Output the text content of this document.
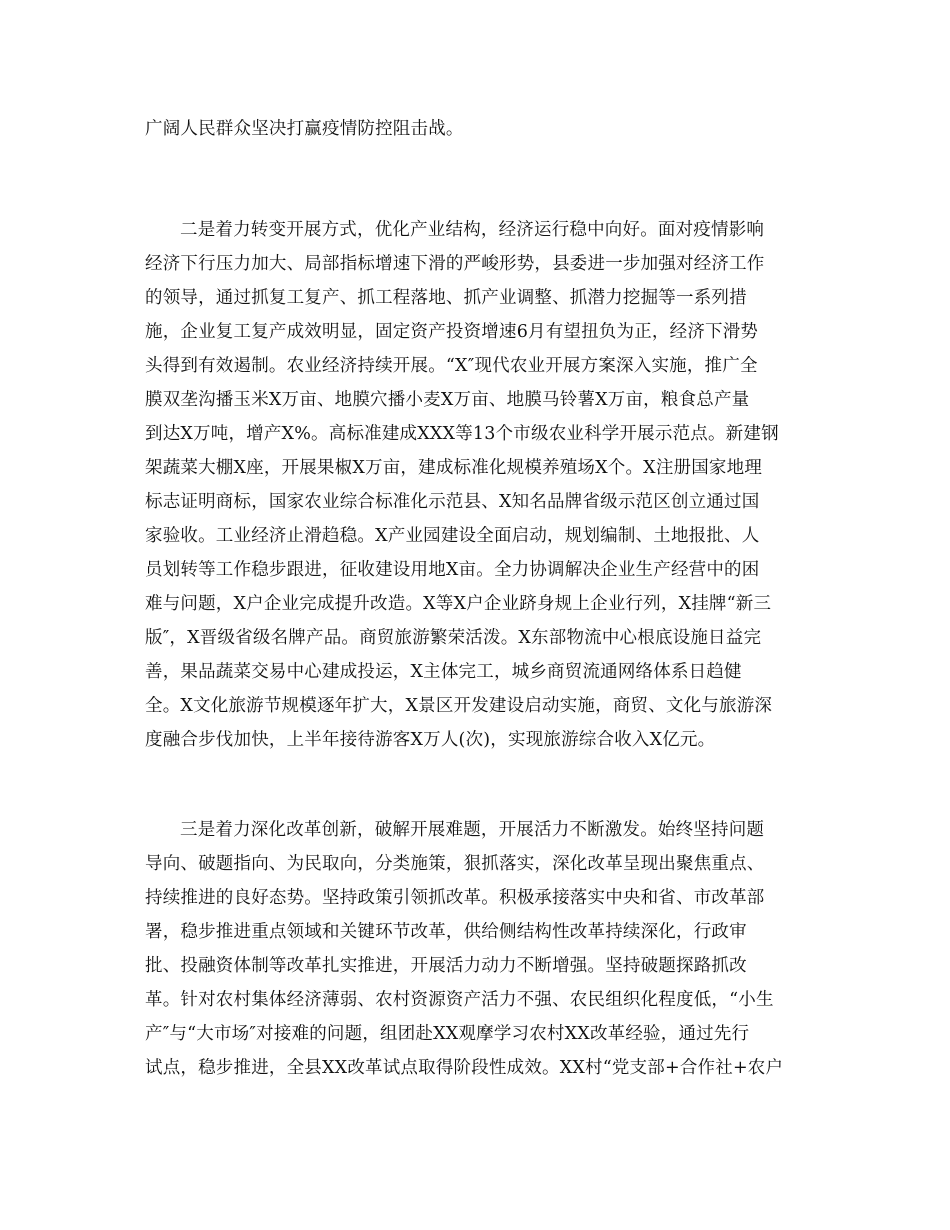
广阔人民群众坚决打赢疫情防控阻击战。
二是着力转变开展方式，优化产业结构，经济运行稳中向好。面对疫情影响
经济下行压力加大、局部指标增速下滑的严峻形势，县委进一步加强对经济工作
的领导，通过抓复工复产、抓工程落地、抓产业调整、抓潜力挖掘等一系列措
施，企业复工复产成效明显，固定资产投资增速6月有望扭负为正，经济下滑势
头得到有效遏制。农业经济持续开展。“X″现代农业开展方案深入实施，推广全
膜双垄沟播玉米X万亩、地膜穴播小麦X万亩、地膜马铃薯X万亩，粮食总产量
到达X万吨，增产X%。高标准建成XXX等13个市级农业科学开展示范点。新建钢
架蔬菜大棚X座，开展果椒X万亩，建成标准化规模养殖场X个。X注册国家地理
标志证明商标，国家农业综合标准化示范县、X知名品牌省级示范区创立通过国
家验收。工业经济止滑趋稳。X产业园建设全面启动，规划编制、土地报批、人
员划转等工作稳步跟进，征收建设用地X亩。全力协调解决企业生产经营中的困
难与问题，X户企业完成提升改造。X等X户企业跻身规上企业行列，X挂牌“新三
版″，X晋级省级名牌产品。商贸旅游繁荣活泼。X东部物流中心根底设施日益完
善，果品蔬菜交易中心建成投运，X主体完工，城乡商贸流通网络体系日趋健
全。X文化旅游节规模逐年扩大，X景区开发建设启动实施，商贸、文化与旅游深
度融合步伐加快，上半年接待游客X万人(次)，实现旅游综合收入X亿元。
三是着力深化改革创新，破解开展难题，开展活力不断激发。始终坚持问题
导向、破题指向、为民取向，分类施策，狠抓落实，深化改革呈现出聚焦重点、
持续推进的良好态势。坚持政策引领抓改革。积极承接落实中央和省、市改革部
署，稳步推进重点领域和关键环节改革，供给侧结构性改革持续深化，行政审
批、投融资体制等改革扎实推进，开展活力动力不断增强。坚持破题探路抓改
革。针对农村集体经济薄弱、农村资源资产活力不强、农民组织化程度低，“小生
产″与“大市场″对接难的问题，组团赴XX观摩学习农村XX改革经验，通过先行
试点，稳步推进，全县XX改革试点取得阶段性成效。XX村“党支部+合作社+农户
